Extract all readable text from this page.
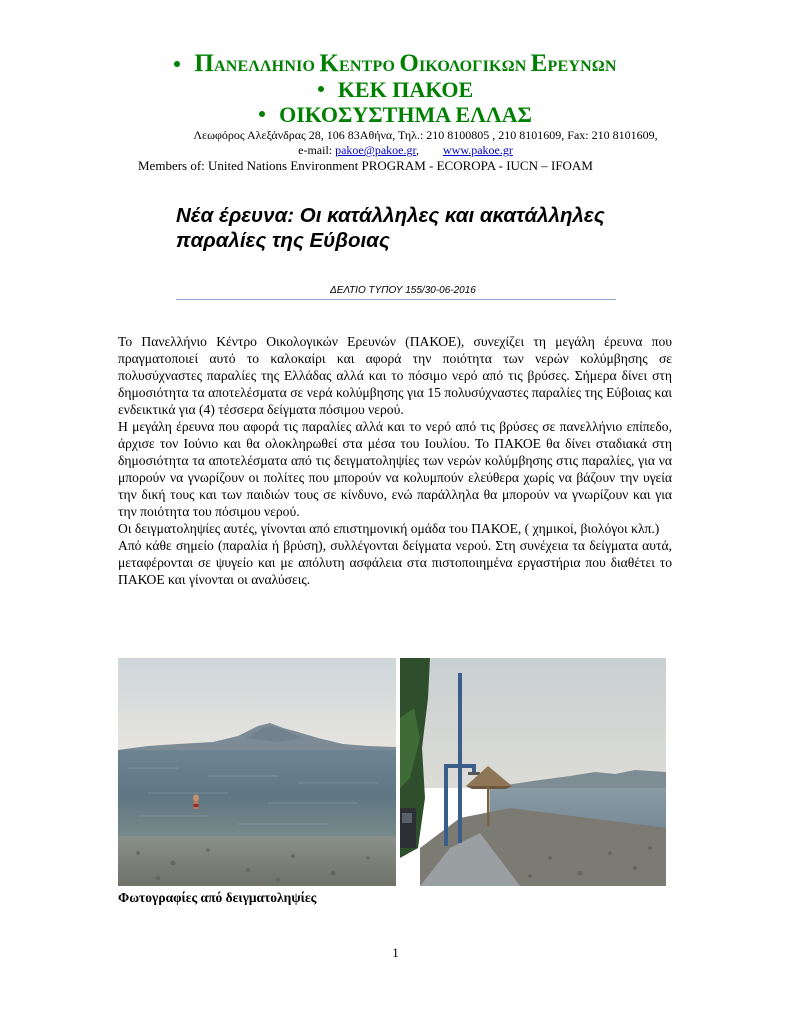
ΠΑΝΕΛΛΗΝΙΟ ΚΕΝΤΡΟ ΟΙΚΟΛΟΓΙΚΩΝ ΕΡΕΥΝΩΝ
ΚΕΚ ΠΑΚΟΕ
ΟΙΚΟΣΥΣΤΗΜΑ ΕΛΛΑΣ
Λεωφόρος Αλεξάνδρας 28, 106 83Αθήνα, Τηλ.: 210 8100805 , 210 8101609, Fax: 210 8101609,
e-mail: pakoe@pakoe.gr, www.pakoe.gr
Members of: United Nations Environment PROGRAM - ECOROPA - IUCN – IFOAM
Νέα έρευνα: Οι κατάλληλες και ακατάλληλες παραλίες της Εύβοιας
ΔΕΛΤΙΟ ΤΥΠΟΥ 155/30-06-2016

Το Πανελλήνιο Κέντρο Οικολογικών Ερευνών (ΠΑΚΟΕ), συνεχίζει τη μεγάλη έρευνα που πραγματοποιεί αυτό το καλοκαίρι και αφορά την ποιότητα των νερών κολύμβησης σε πολυσύχναστες παραλίες της Ελλάδας αλλά και το πόσιμο νερό από τις βρύσες. Σήμερα δίνει στη δημοσιότητα τα αποτελέσματα σε νερά κολύμβησης για 15 πολυσύχναστες παραλίες της Εύβοιας και ενδεικτικά για (4) τέσσερα δείγματα πόσιμου νερού.

Η μεγάλη έρευνα που αφορά τις παραλίες αλλά και το νερό από τις βρύσες σε πανελλήνιο επίπεδο, άρχισε τον Ιούνιο και θα ολοκληρωθεί στα μέσα του Ιουλίου. Το ΠΑΚΟΕ θα δίνει σταδιακά στη δημοσιότητα τα αποτελέσματα από τις δειγματοληψίες των νερών κολύμβησης στις παραλίες, για να μπορούν να γνωρίζουν οι πολίτες που μπορούν να κολυμπούν ελεύθερα χωρίς να βάζουν την υγεία την δική τους και των παιδιών τους σε κίνδυνο, ενώ παράλληλα θα μπορούν να γνωρίζουν και για την ποιότητα του πόσιμου νερού.

Οι δειγματοληψίες αυτές, γίνονται από επιστημονική ομάδα του ΠΑΚΟΕ, ( χημικοί, βιολόγοι κλπ.)

Από κάθε σημείο (παραλία ή βρύση), συλλέγονται δείγματα νερού. Στη συνέχεια τα δείγματα αυτά, μεταφέρονται σε ψυγείο και με απόλυτη ασφάλεια στα πιστοποιημένα εργαστήρια που διαθέτει το ΠΑΚΟΕ και γίνονται οι αναλύσεις.

Φωτογραφίες από δειγματοληψίες
1
